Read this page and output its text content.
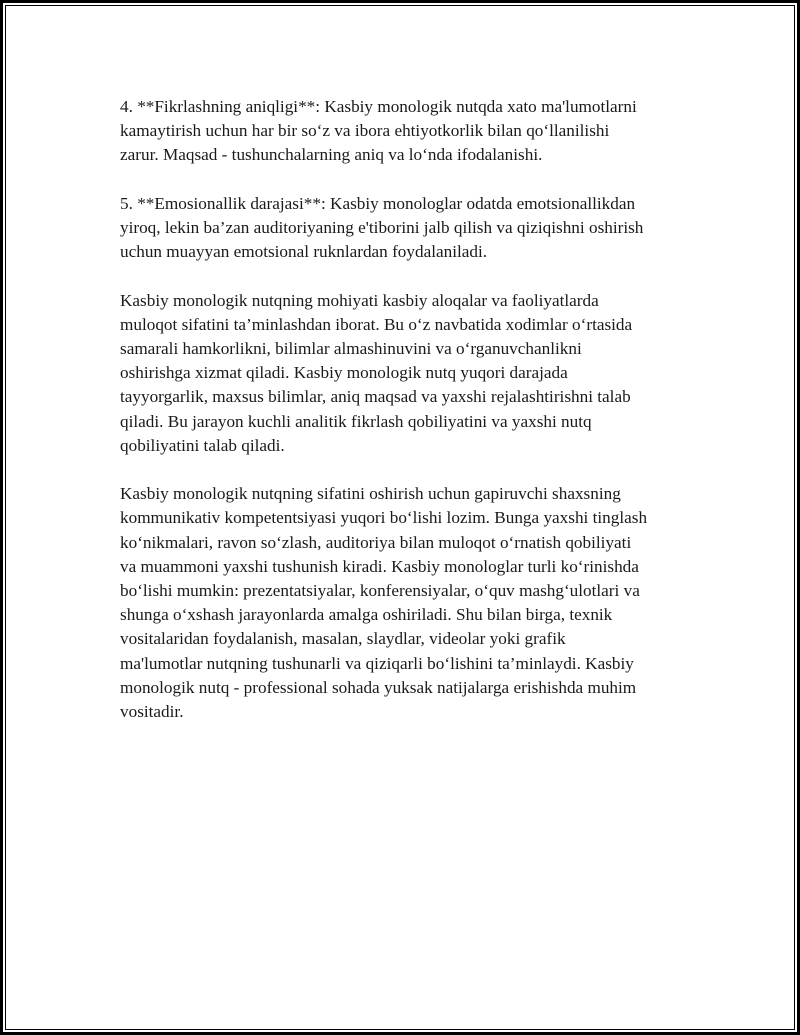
4. **Fikrlashning aniqligi**: Kasbiy monologik nutqda xato ma'lumotlarni
kamaytirish uchun har bir so‘z va ibora ehtiyotkorlik bilan qo‘llanilishi
zarur. Maqsad - tushunchalarning aniq va lo‘nda ifodalanishi.

5. **Emosionallik darajasi**: Kasbiy monologlar odatda emotsionallikdan
yiroq, lekin ba’zan auditoriyaning e'tiborini jalb qilish va qiziqishni oshirish
uchun muayyan emotsional ruknlardan foydalaniladi.

Kasbiy monologik nutqning mohiyati kasbiy aloqalar va faoliyatlarda
muloqot sifatini ta’minlashdan iborat. Bu o‘z navbatida xodimlar o‘rtasida
samarali hamkorlikni, bilimlar almashinuvini va o‘rganuvchanlikni
oshirishga xizmat qiladi. Kasbiy monologik nutq yuqori darajada
tayyorgarlik, maxsus bilimlar, aniq maqsad va yaxshi rejalashtirishni talab
qiladi. Bu jarayon kuchli analitik fikrlash qobiliyatini va yaxshi nutq
qobiliyatini talab qiladi.

Kasbiy monologik nutqning sifatini oshirish uchun gapiruvchi shaxsning
kommunikativ kompetentsiyasi yuqori bo‘lishi lozim. Bunga yaxshi tinglash
ko‘nikmalari, ravon so‘zlash, auditoriya bilan muloqot o‘rnatish qobiliyati
va muammoni yaxshi tushunish kiradi. Kasbiy monologlar turli ko‘rinishda
bo‘lishi mumkin: prezentatsiyalar, konferensiyalar, o‘quv mashg‘ulotlari va
shunga o‘xshash jarayonlarda amalga oshiriladi. Shu bilan birga, texnik
vositalaridan foydalanish, masalan, slaydlar, videolar yoki grafik
ma'lumotlar nutqning tushunarli va qiziqarli bo‘lishini ta’minlaydi. Kasbiy
monologik nutq - professional sohada yuksak natijalarga erishishda muhim
vositadir.
